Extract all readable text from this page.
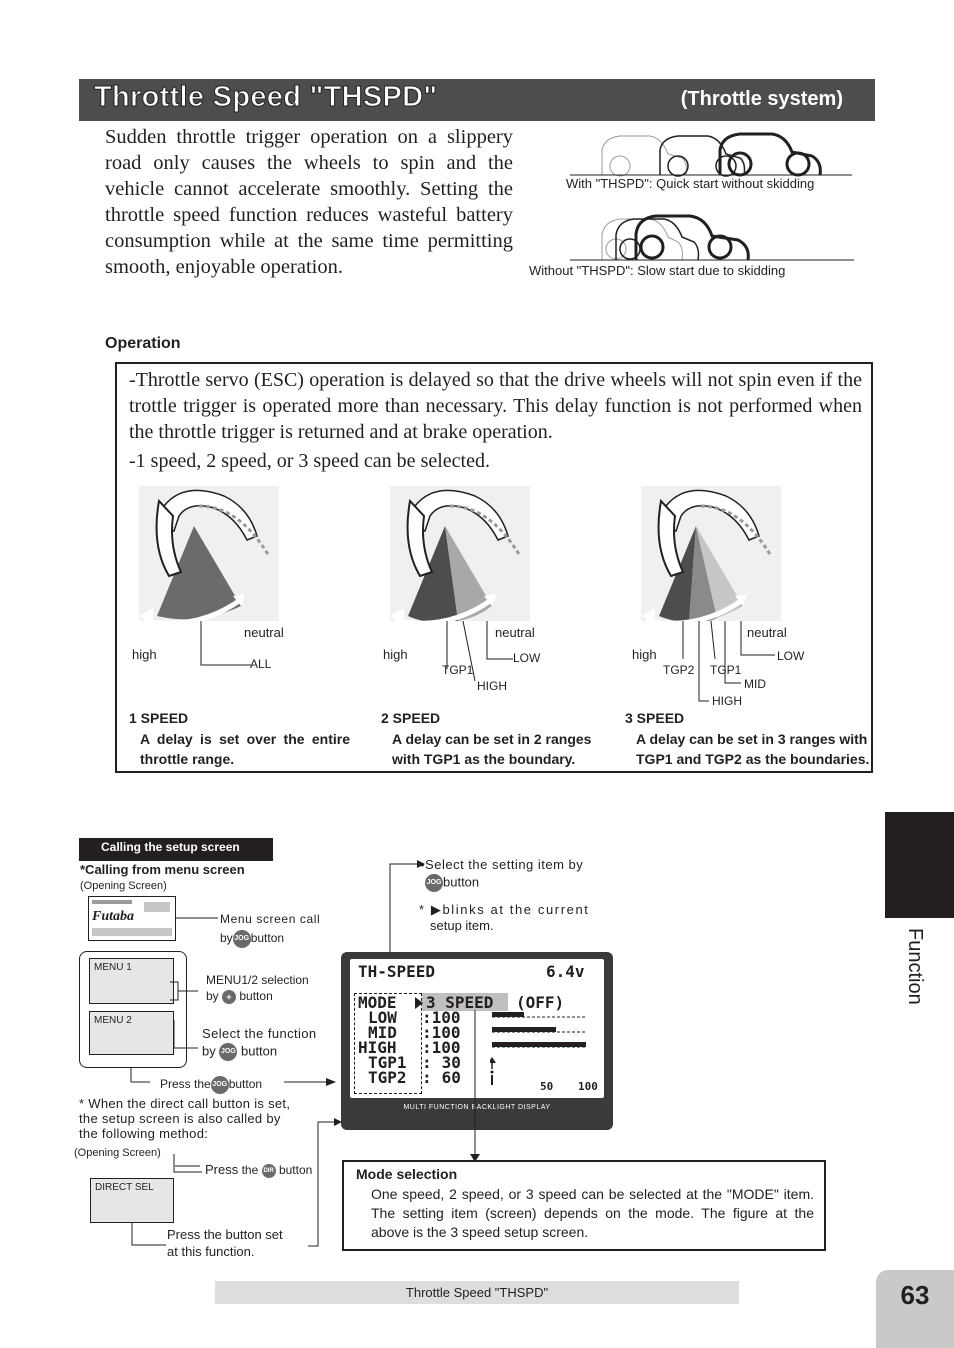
Throttle Speed "THSPD"	(Throttle system)
Sudden throttle trigger operation on a slippery road only causes the wheels to spin and the vehicle cannot accelerate smoothly. Setting the throttle speed function reduces wasteful battery consumption while at the same time permitting smooth, enjoyable operation.
With "THSPD": Quick start without skidding
Without "THSPD": Slow start due to skidding
Operation
-Throttle servo (ESC) operation is delayed so that the drive wheels will not spin even if the trottle trigger is operated more than necessary. This delay function is not performed when the throttle trigger is returned and at brake operation.
-1 speed, 2 speed, or 3 speed can be selected.
neutral
high
ALL
neutral
high	LOW
TGP1
HIGH
neutral
high	LOW
TGP2 TGP1
MID
HIGH
1 SPEED
A delay is set over the entire throttle range.
2 SPEED
A delay can be set in 2 ranges with TGP1 as the boundary.
3 SPEED
A delay can be set in 3 ranges with TGP1 and TGP2 as the boundaries.
Function
Calling the setup screen
*Calling from menu screen
(Opening Screen)
Futaba
MENU 1
MENU 2
Menu screen call
by JOG button
MENU1/2 selection
by + button
Select the function
by JOG button
Press the JOG button
* When the direct call button is set, the setup screen is also called by the following method:
(Opening Screen)
Press the DIR button
DIRECT SEL
Press the button set
at this function.
•Select the setting item by
JOG button
* ▶blinks at the current
setup item.
TH-SPEED	6.4v
MODE 3 SPEED (OFF)
LOW :100
MID :100
HIGH :100
TGP1 : 30
TGP2 : 60	50 100
MULTI FUNCTION BACKLIGHT DISPLAY
Mode selection
One speed, 2 speed, or 3 speed can be selected at the "MODE" item. The setting item (screen) depends on the mode. The figure at the above is the 3 speed setup screen.
Throttle Speed "THSPD"	63
